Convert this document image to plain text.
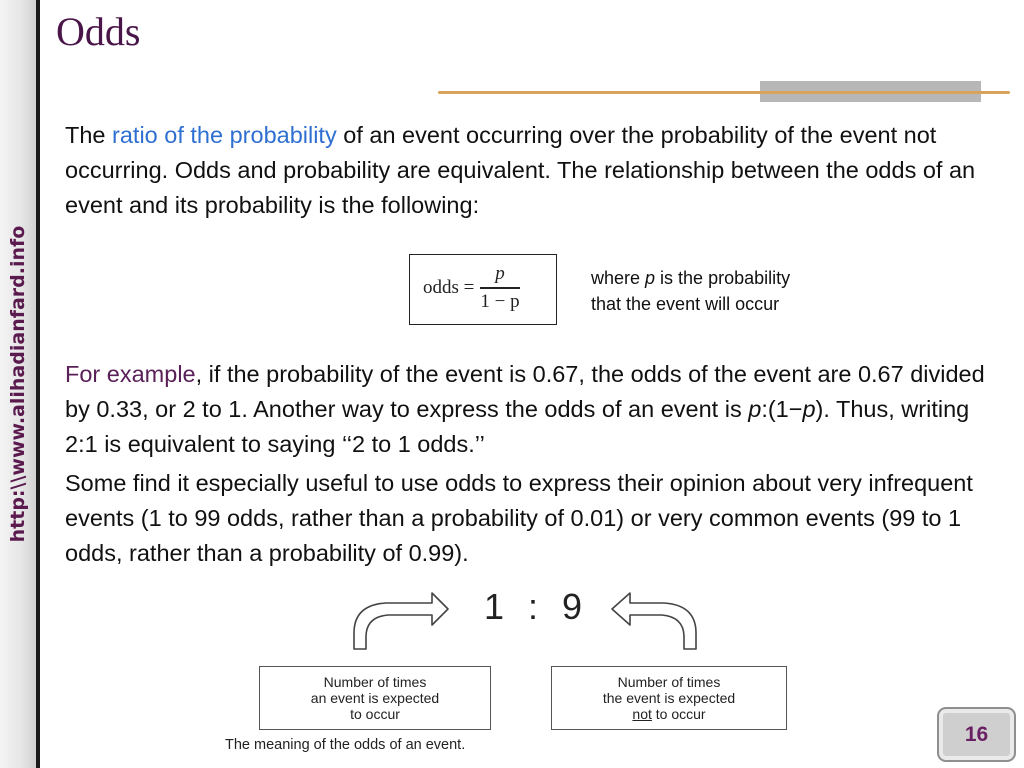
http:\\www.alihadianfard.info
Odds
The ratio of the probability of an event occurring over the probability of the event not occurring. Odds and probability are equivalent. The relationship between the odds of an event and its probability is the following:
odds = $\frac{p}{1 - p}$	where p is the probability
that the event will occur
For example, if the probability of the event is 0.67, the odds of the event are 0.67 divided by 0.33, or 2 to 1. Another way to express the odds of an event is p:(1−p). Thus, writing 2:1 is equivalent to saying ‘‘2 to 1 odds.’’
Some find it especially useful to use odds to express their opinion about very infrequent events (1 to 99 odds, rather than a probability of 0.01) or very common events (99 to 1 odds, rather than a probability of 0.99).
1 : 9
Number of times
an event is expected
to occur
Number of times
the event is expected
not to occur
The meaning of the odds of an event.	16
